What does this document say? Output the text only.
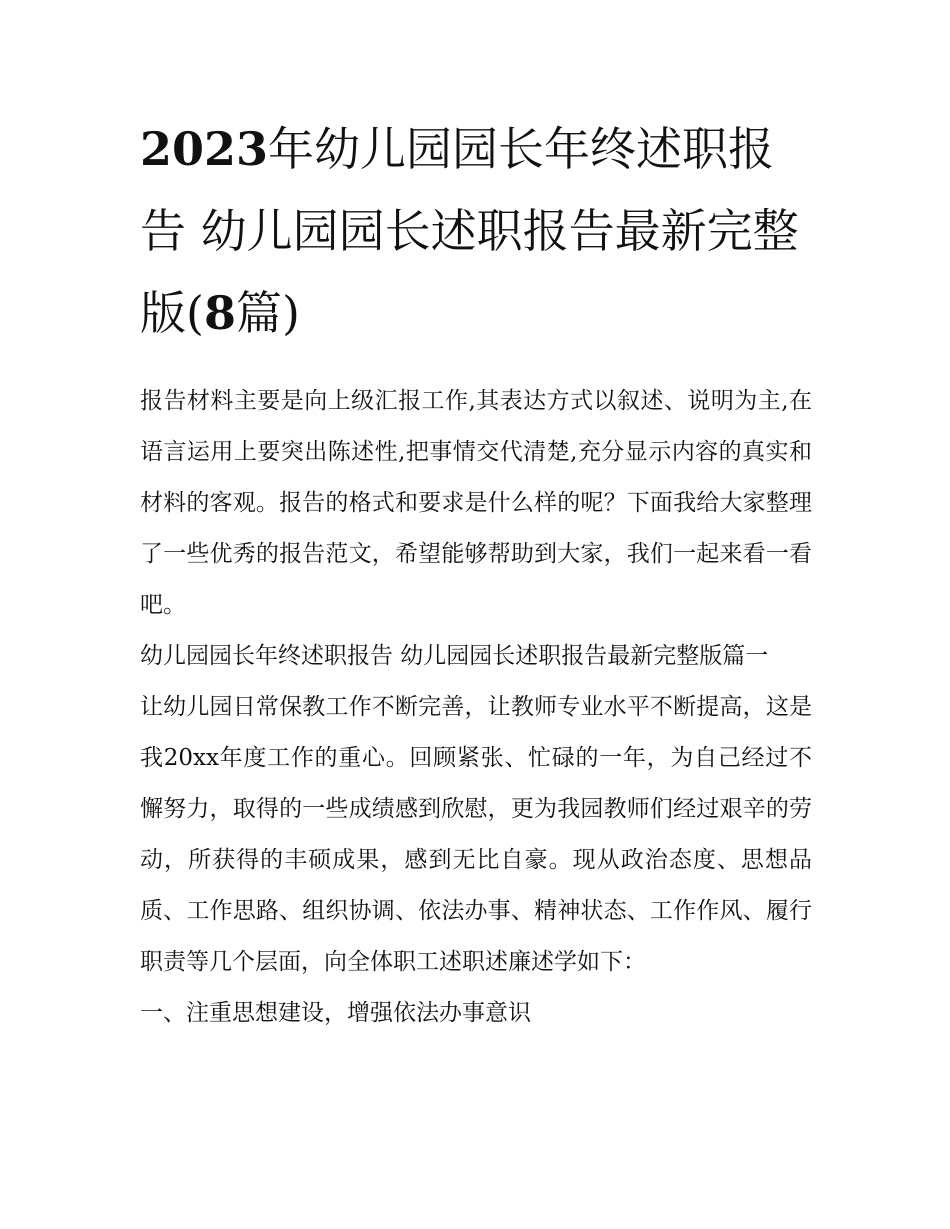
2023年幼儿园园长年终述职报告 幼儿园园长述职报告最新完整版(8篇)

报告材料主要是向上级汇报工作,其表达方式以叙述、说明为主,在语言运用上要突出陈述性,把事情交代清楚,充分显示内容的真实和材料的客观。报告的格式和要求是什么样的呢？下面我给大家整理了一些优秀的报告范文，希望能够帮助到大家，我们一起来看一看吧。

幼儿园园长年终述职报告 幼儿园园长述职报告最新完整版篇一

让幼儿园日常保教工作不断完善，让教师专业水平不断提高，这是我20xx年度工作的重心。回顾紧张、忙碌的一年，为自己经过不懈努力，取得的一些成绩感到欣慰，更为我园教师们经过艰辛的劳动，所获得的丰硕成果，感到无比自豪。现从政治态度、思想品质、工作思路、组织协调、依法办事、精神状态、工作作风、履行职责等几个层面，向全体职工述职述廉述学如下：

一、注重思想建设，增强依法办事意识
